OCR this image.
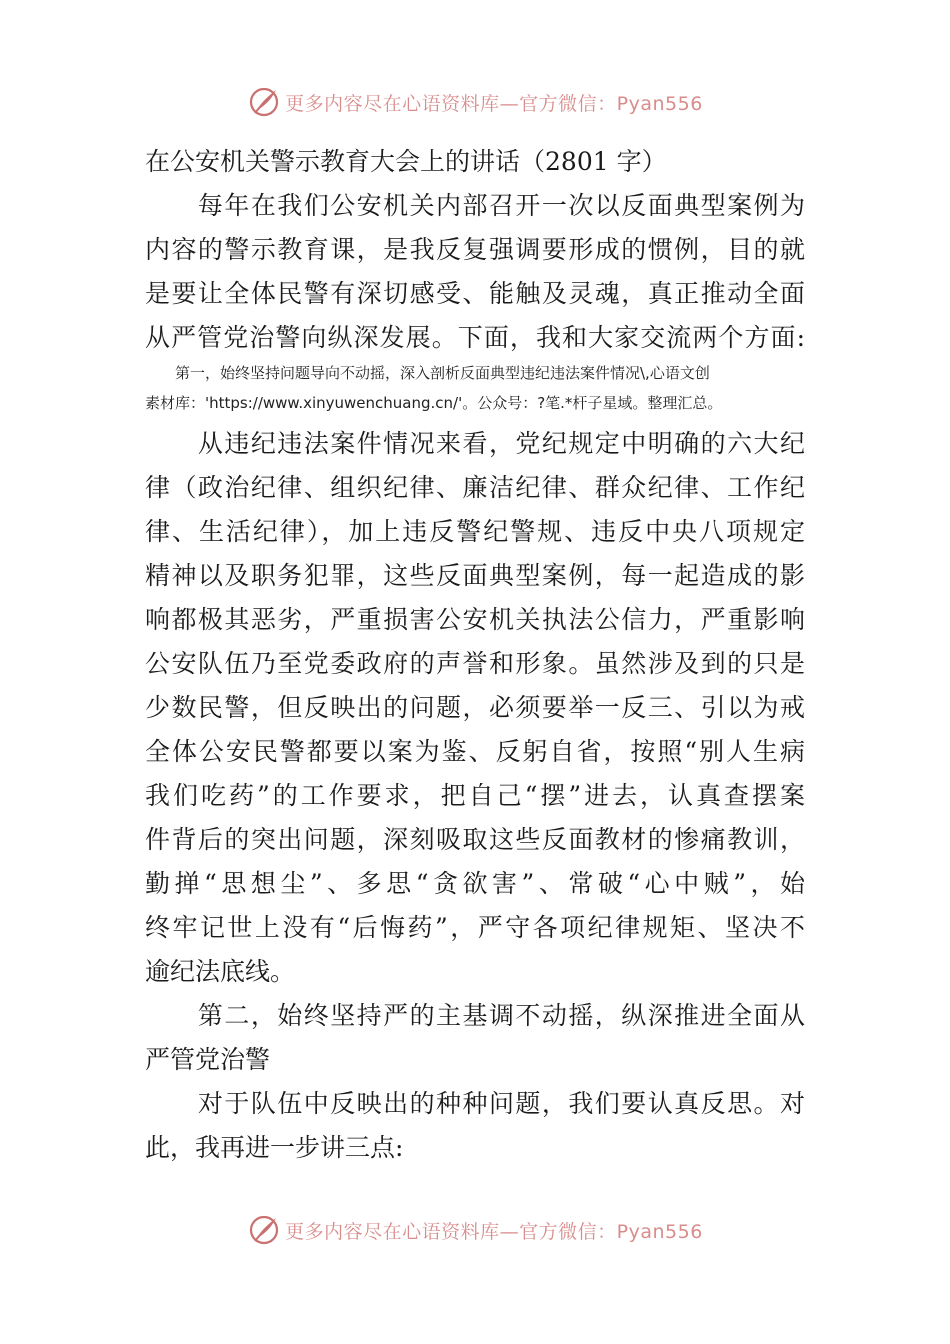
更多内容尽在心语资料库—官方微信：Pyan556
在公安机关警示教育大会上的讲话（2801 字）
　　每年在我们公安机关内部召开一次以反面典型案例为
内容的警示教育课，是我反复强调要形成的惯例，目的就
是要让全体民警有深切感受、能触及灵魂，真正推动全面
从严管党治警向纵深发展。下面，我和大家交流两个方面:
　　第一，始终坚持问题导向不动摇，深入剖析反面典型违纪违法案件情况\,心语文创
素材库：'https://www.xinyuwenchuang.cn/'。公众号：?笔.*杆子星域。整理汇总。
　　从违纪违法案件情况来看，党纪规定中明确的六大纪
律（政治纪律、组织纪律、廉洁纪律、群众纪律、工作纪
律、生活纪律），加上违反警纪警规、违反中央八项规定
精神以及职务犯罪，这些反面典型案例，每一起造成的影
响都极其恶劣，严重损害公安机关执法公信力，严重影响
公安队伍乃至党委政府的声誉和形象。虽然涉及到的只是
少数民警，但反映出的问题，必须要举一反三、引以为戒
全体公安民警都要以案为鉴、反躬自省，按照“别人生病
我们吃药”的工作要求，把自己“摆”进去，认真查摆案
件背后的突出问题，深刻吸取这些反面教材的惨痛教训，
勤掸“思想尘”、多思“贪欲害”、常破“心中贼”，始
终牢记世上没有“后悔药”，严守各项纪律规矩、坚决不
逾纪法底线。
　　第二，始终坚持严的主基调不动摇，纵深推进全面从
严管党治警
　　对于队伍中反映出的种种问题，我们要认真反思。对
此，我再进一步讲三点:
更多内容尽在心语资料库—官方微信：Pyan556
